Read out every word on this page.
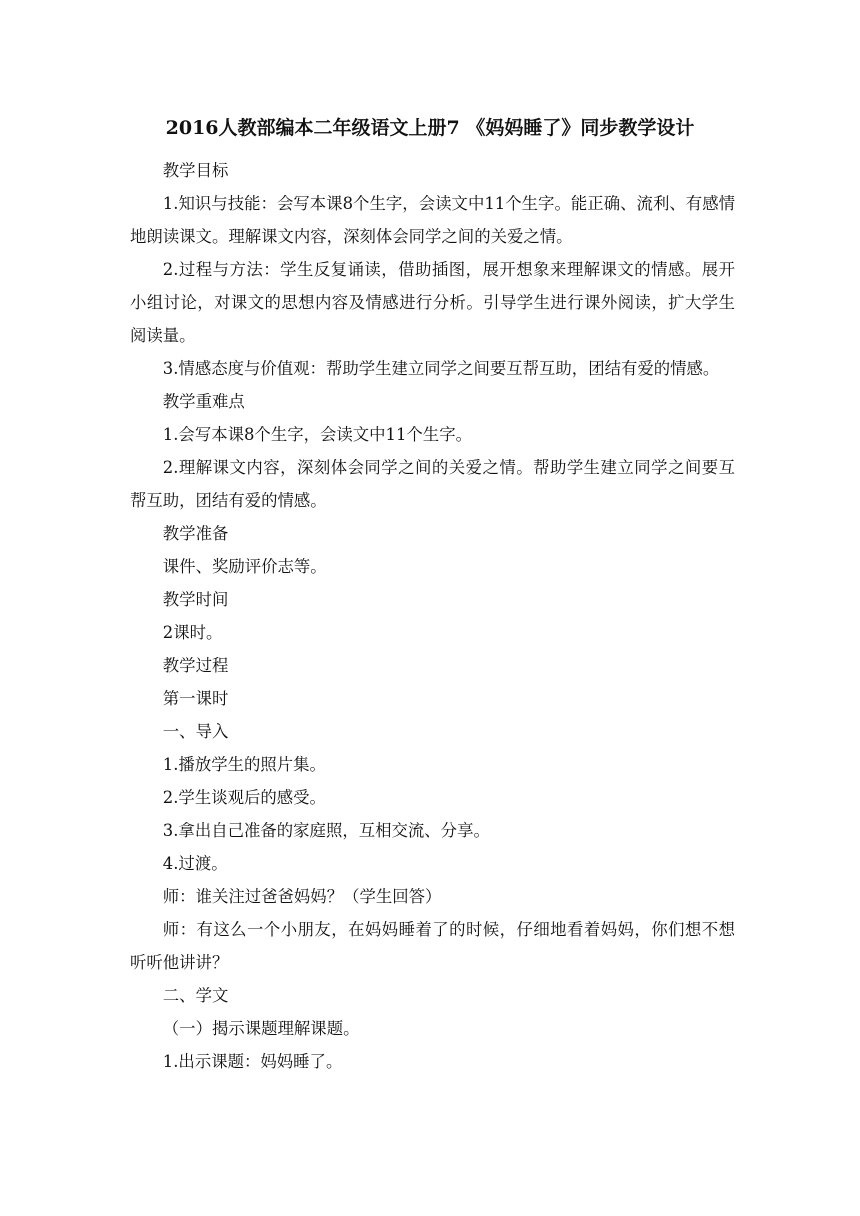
2016人教部编本二年级语文上册7 《妈妈睡了》同步教学设计

教学目标

1.知识与技能：会写本课8个生字，会读文中11个生字。能正确、流利、有感情地朗读课文。理解课文内容，深刻体会同学之间的关爱之情。

2.过程与方法：学生反复诵读，借助插图，展开想象来理解课文的情感。展开小组讨论，对课文的思想内容及情感进行分析。引导学生进行课外阅读，扩大学生阅读量。

3.情感态度与价值观：帮助学生建立同学之间要互帮互助，团结有爱的情感。

教学重难点

1.会写本课8个生字，会读文中11个生字。

2.理解课文内容，深刻体会同学之间的关爱之情。帮助学生建立同学之间要互帮互助，团结有爱的情感。

教学准备

课件、奖励评价志等。

教学时间

2课时。

教学过程

第一课时

一、导入

1.播放学生的照片集。

2.学生谈观后的感受。

3.拿出自己准备的家庭照，互相交流、分享。

4.过渡。

师：谁关注过爸爸妈妈？（学生回答）

师：有这么一个小朋友，在妈妈睡着了的时候，仔细地看着妈妈，你们想不想听听他讲讲？

二、学文

（一）揭示课题理解课题。

1.出示课题：妈妈睡了。
